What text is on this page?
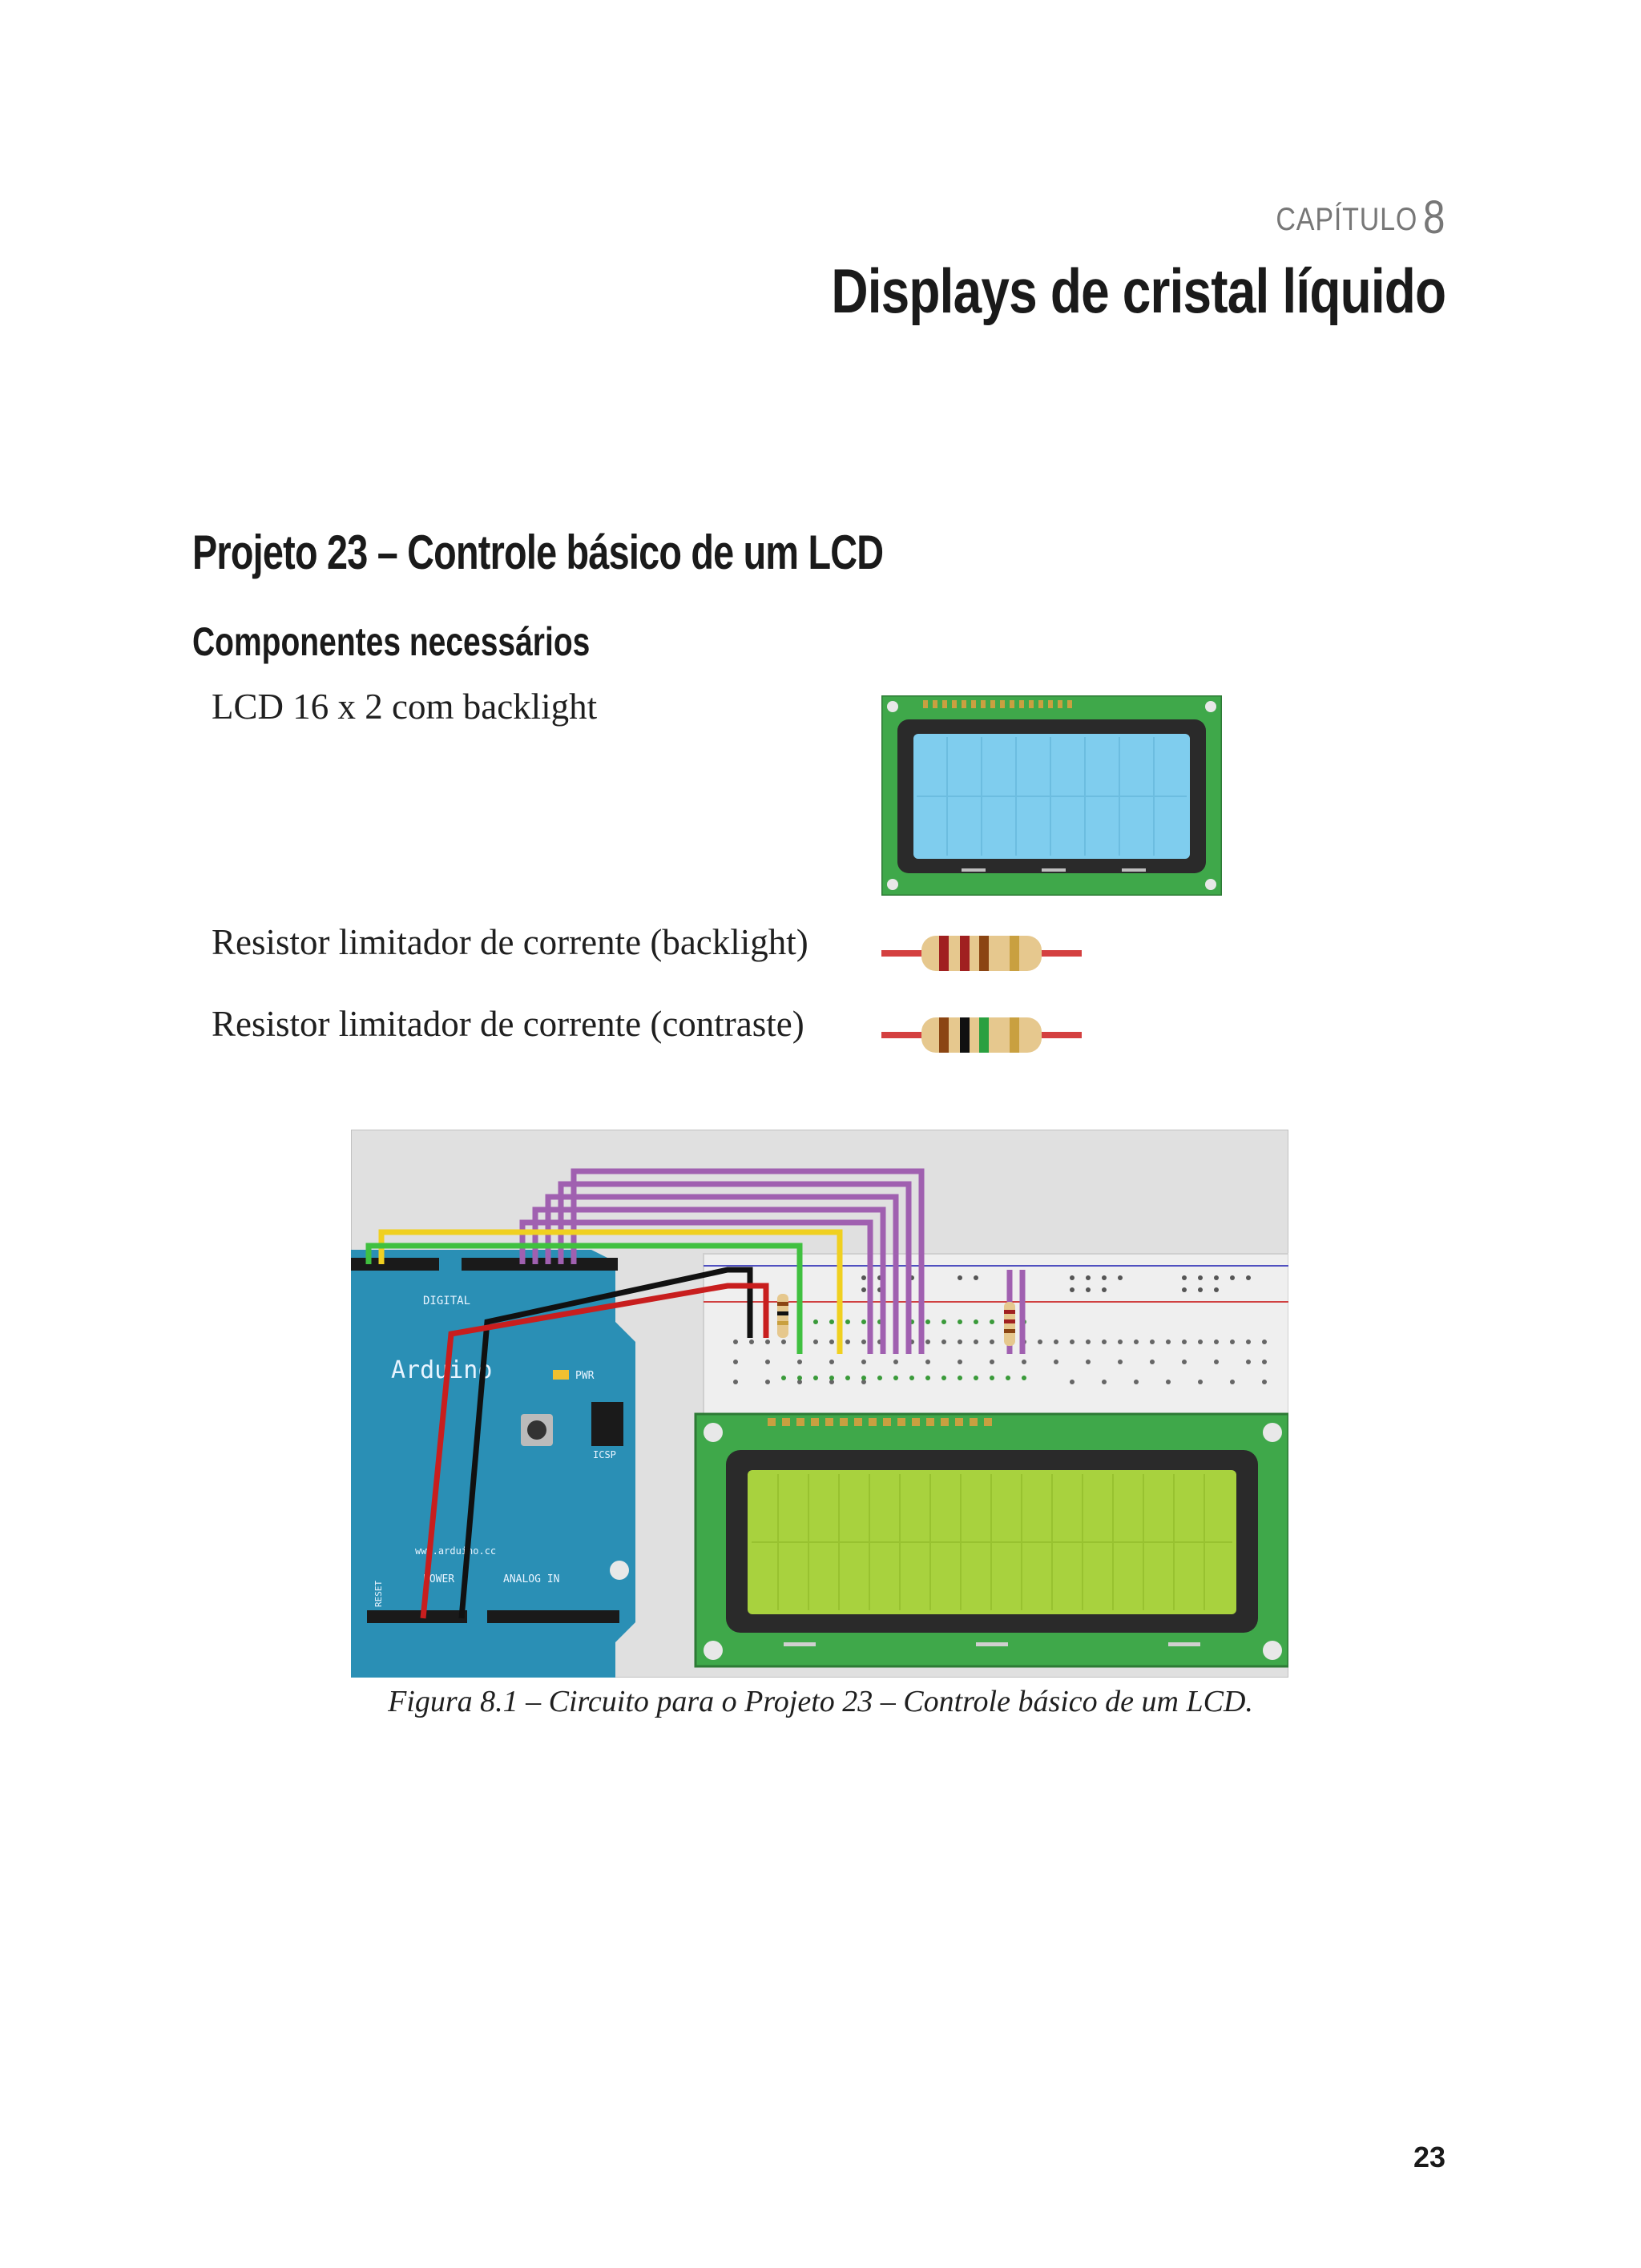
CAPÍTULO 8
Displays de cristal líquido
Projeto 23 – Controle básico de um LCD
Componentes necessários
LCD 16 x 2 com backlight
Resistor limitador de corrente (backlight)
Resistor limitador de corrente (contraste)
Arduino
DIGITAL
ANALOG IN
POWER
PWR
ICSP
www.arduino.cc
RESET
Figura 8.1 – Circuito para o Projeto 23 – Controle básico de um LCD.
23
